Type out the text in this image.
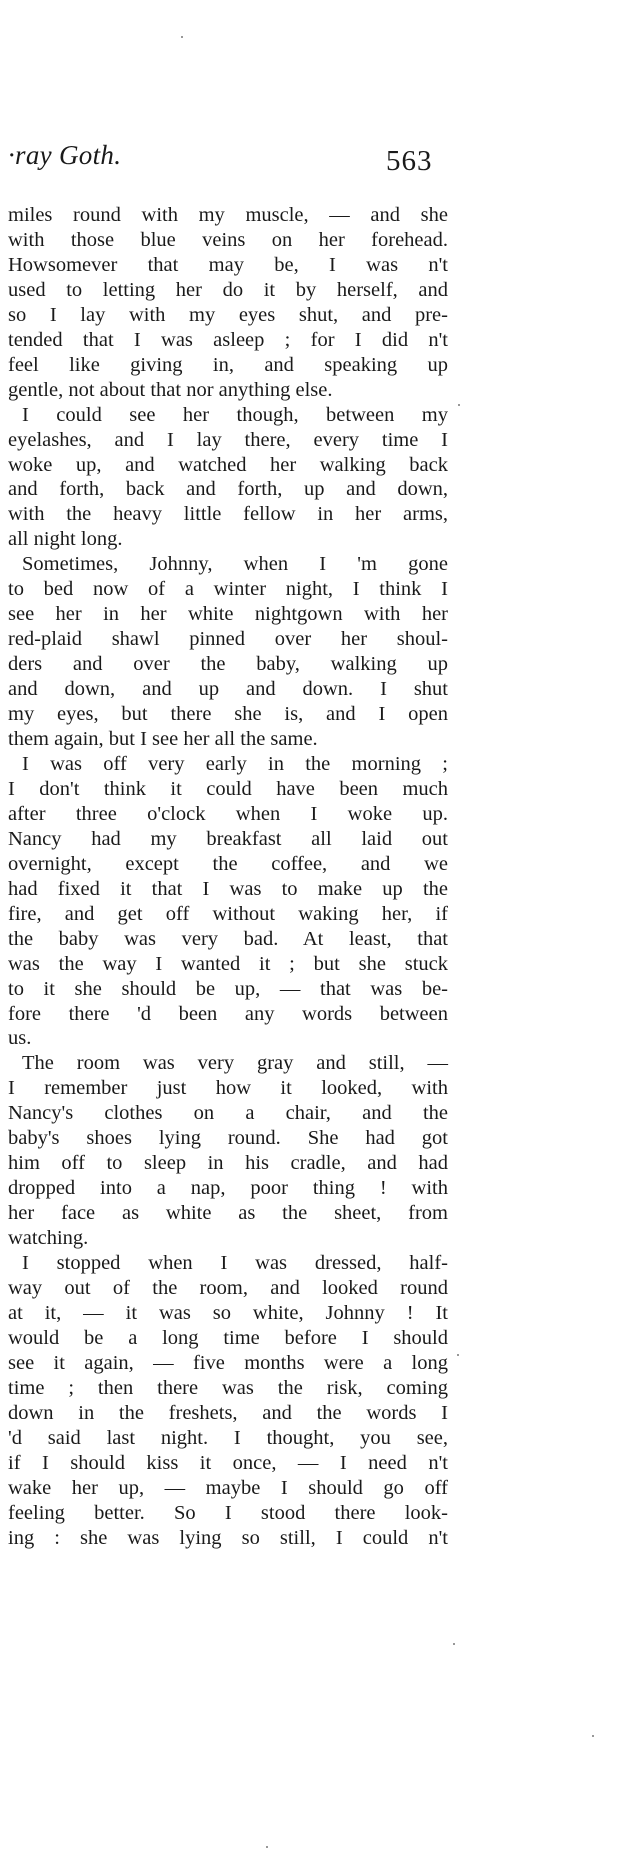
·ray Goth.	563
miles round with my muscle, — and she
with those blue veins on her forehead.
Howsomever that may be, I was n't
used to letting her do it by herself, and
so I lay with my eyes shut, and pre-
tended that I was asleep ; for I did n't
feel like giving in, and speaking up
gentle, not about that nor anything else.
I could see her though, between my
eyelashes, and I lay there, every time I
woke up, and watched her walking back
and forth, back and forth, up and down,
with the heavy little fellow in her arms,
all night long.
Sometimes, Johnny, when I 'm gone
to bed now of a winter night, I think I
see her in her white nightgown with her
red-plaid shawl pinned over her shoul-
ders and over the baby, walking up
and down, and up and down. I shut
my eyes, but there she is, and I open
them again, but I see her all the same.
I was off very early in the morning ;
I don't think it could have been much
after three o'clock when I woke up.
Nancy had my breakfast all laid out
overnight, except the coffee, and we
had fixed it that I was to make up the
fire, and get off without waking her, if
the baby was very bad. At least, that
was the way I wanted it ; but she stuck
to it she should be up, — that was be-
fore there 'd been any words between
us.
The room was very gray and still, —
I remember just how it looked, with
Nancy's clothes on a chair, and the
baby's shoes lying round. She had got
him off to sleep in his cradle, and had
dropped into a nap, poor thing ! with
her face as white as the sheet, from
watching.
I stopped when I was dressed, half-
way out of the room, and looked round
at it, — it was so white, Johnny ! It
would be a long time before I should
see it again, — five months were a long
time ; then there was the risk, coming
down in the freshets, and the words I
'd said last night. I thought, you see,
if I should kiss it once, — I need n't
wake her up, — maybe I should go off
feeling better. So I stood there look-
ing : she was lying so still, I could n't
